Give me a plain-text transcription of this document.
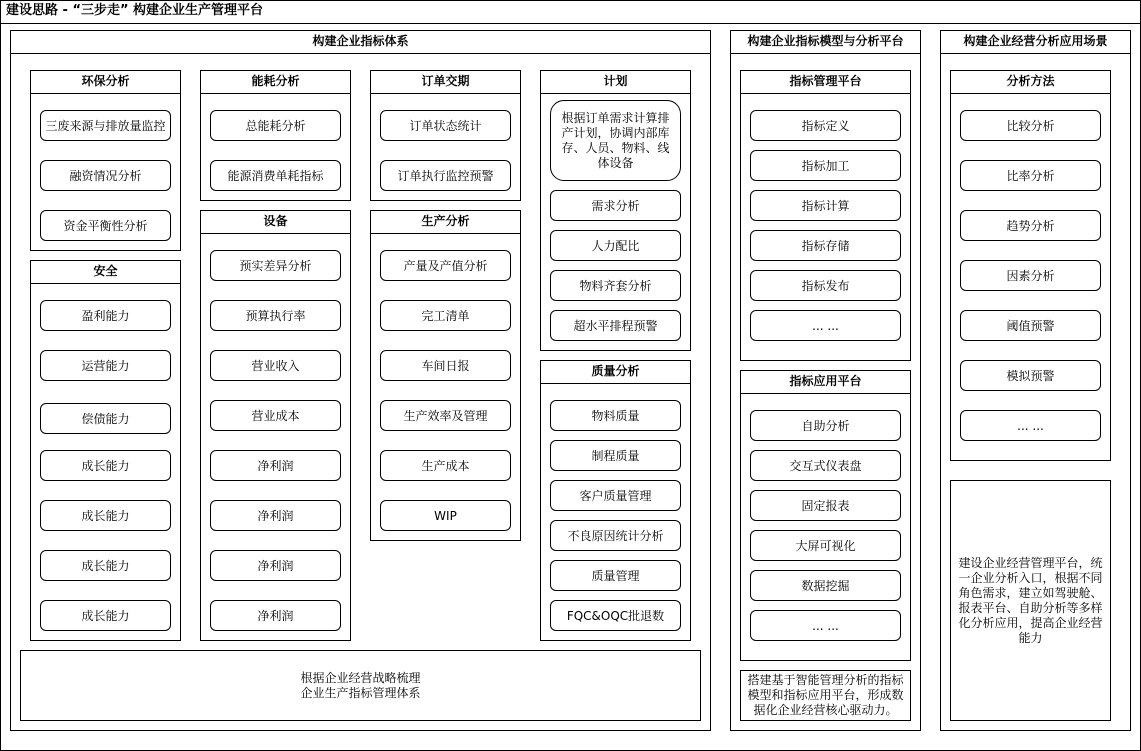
建设思路 - “三步走” 构建企业生产管理平台
构建企业指标体系	构建企业指标模型与分析平台	构建企业经营分析应用场景
环保分析
三废来源与排放量监控
融资情况分析
资金平衡性分析
安全
盈利能力
运营能力
偿债能力
成长能力
成长能力
成长能力
成长能力
能耗分析
总能耗分析
能源消费单耗指标
设备
预实差异分析
预算执行率
营业收入
营业成本
净利润
净利润
净利润
净利润
订单交期
订单状态统计
订单执行监控预警
生产分析
产量及产值分析
完工清单
车间日报
生产效率及管理
生产成本
WIP
计划
根据订单需求计算排产计划，协调内部库存、人员、物料、线体设备
需求分析
人力配比
物料齐套分析
超水平排程预警
质量分析
物料质量
制程质量
客户质量管理
不良原因统计分析
质量管理
FQC&OQC批退数
根据企业经营战略梳理
企业生产指标管理体系
指标管理平台
指标定义
指标加工
指标计算
指标存储
指标发布
... ...
指标应用平台
自助分析
交互式仪表盘
固定报表
大屏可视化
数据挖掘
... ...
搭建基于智能管理分析的指标模型和指标应用平台，形成数据化企业经营核心驱动力。
分析方法
比较分析
比率分析
趋势分析
因素分析
阈值预警
模拟预警
... ...
建设企业经营管理平台，统一企业分析入口，根据不同角色需求，建立如驾驶舱、报表平台、自助分析等多样化分析应用，提高企业经营能力
